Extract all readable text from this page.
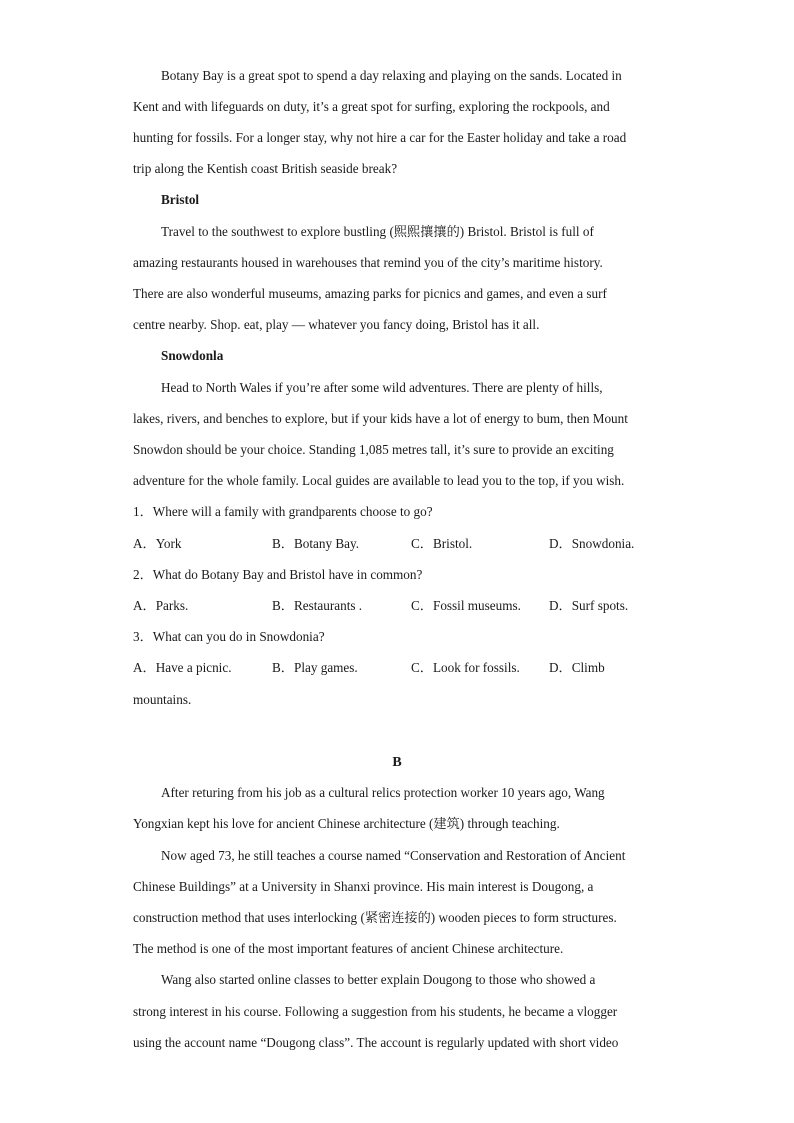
Botany Bay is a great spot to spend a day relaxing and playing on the sands. Located in
Kent and with lifeguards on duty, it’s a great spot for surfing, exploring the rockpools, and
hunting for fossils. For a longer stay, why not hire a car for the Easter holiday and take a road
trip along the Kentish coast British seaside break?
Bristol
Travel to the southwest to explore bustling (熙熙攘攘的) Bristol. Bristol is full of
amazing restaurants housed in warehouses that remind you of the city’s maritime history.
There are also wonderful museums, amazing parks for picnics and games, and even a surf
centre nearby. Shop. eat, play — whatever you fancy doing, Bristol has it all.
Snowdonla
Head to North Wales if you’re after some wild adventures. There are plenty of hills,
lakes, rivers, and benches to explore, but if your kids have a lot of energy to bum, then Mount
Snowdon should be your choice. Standing 1,085 metres tall, it’s sure to provide an exciting
adventure for the whole family. Local guides are available to lead you to the top, if you wish.
1．Where will a family with grandparents choose to go?
A．York	B．Botany Bay.	C．Bristol.	D．Snowdonia.
2．What do Botany Bay and Bristol have in common?
A．Parks.	B．Restaurants .	C．Fossil museums. D．Surf spots.
3．What can you do in Snowdonia?
A．Have a picnic.	B．Play games.	C．Look for fossils. D．Climb
mountains.
B
After returing from his job as a cultural relics protection worker 10 years ago, Wang
Yongxian kept his love for ancient Chinese architecture (建筑) through teaching.
Now aged 73, he still teaches a course named “Conservation and Restoration of Ancient
Chinese Buildings” at a University in Shanxi province. His main interest is Dougong, a
construction method that uses interlocking (紧密连接的) wooden pieces to form structures.
The method is one of the most important features of ancient Chinese architecture.
Wang also started online classes to better explain Dougong to those who showed a
strong interest in his course. Following a suggestion from his students, he became a vlogger
using the account name “Dougong class”. The account is regularly updated with short video
